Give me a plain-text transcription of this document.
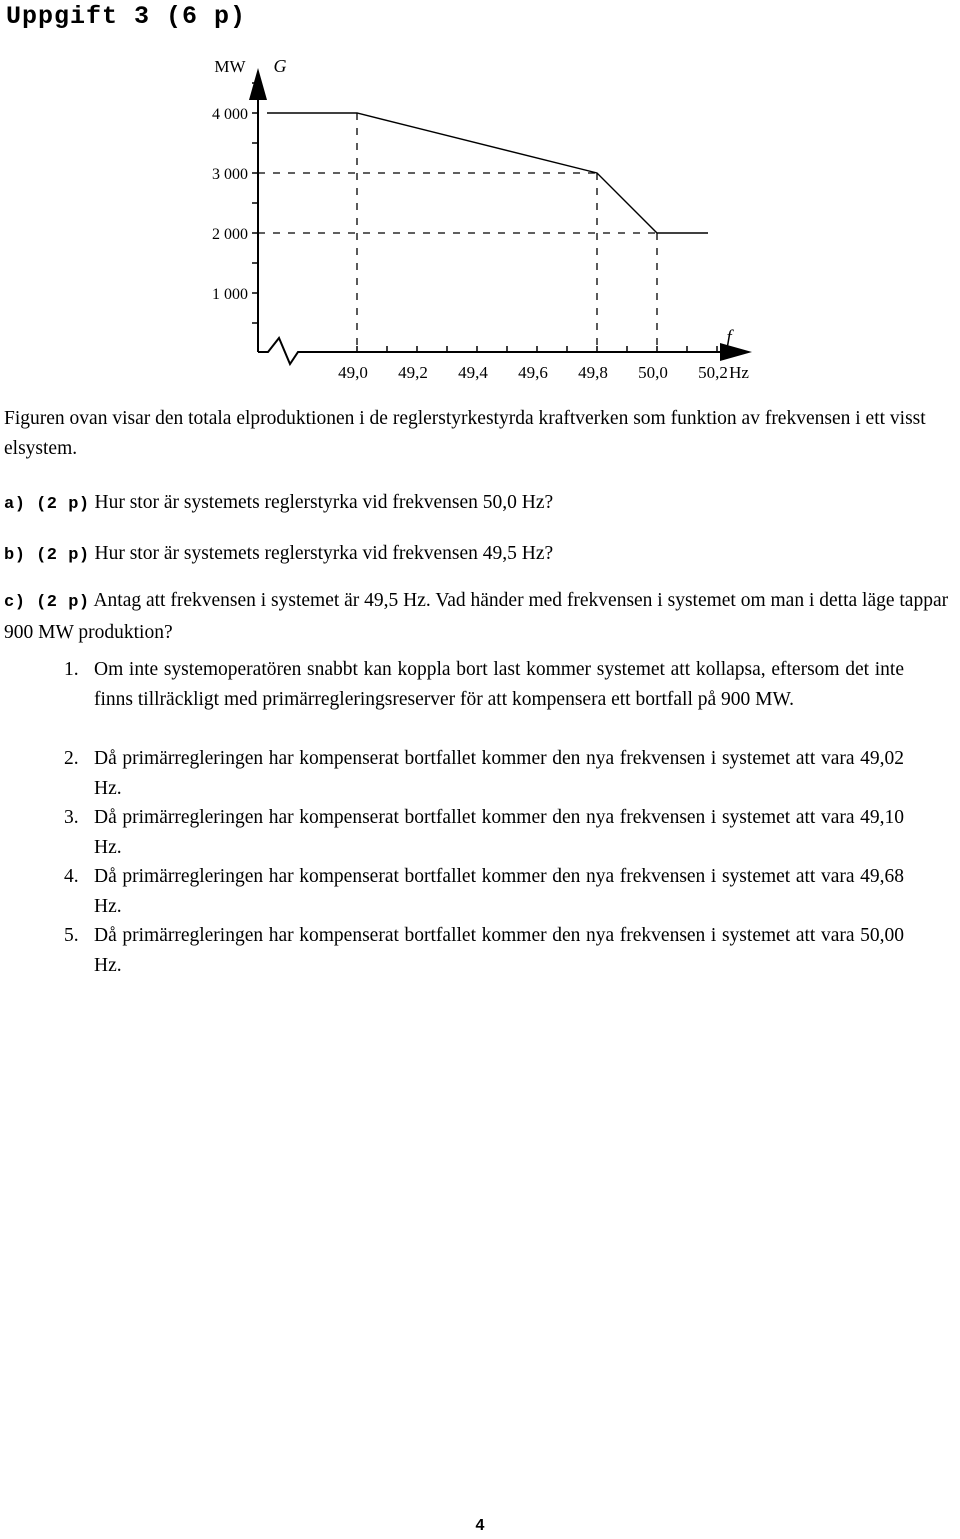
Uppgift 3 (6 p)
1 000
2 000
3 000
4 000
49,0 49,2 49,4 49,6 49,8 50,0 50,2
MW G
f
Hz

Figuren ovan visar den totala elproduktionen i de reglerstyrkestyrda kraftverken som funktion av frekvensen i ett visst elsystem.

a) (2 p) Hur stor är systemets reglerstyrka vid frekvensen 50,0 Hz?

b) (2 p) Hur stor är systemets reglerstyrka vid frekvensen 49,5 Hz?

c) (2 p) Antag att frekvensen i systemet är 49,5 Hz. Vad händer med frekvensen i systemet om man i detta läge tappar 900 MW produktion?

1. Om inte systemoperatören snabbt kan koppla bort last kommer systemet att kollapsa, eftersom det inte finns tillräckligt med primärregleringsreserver för att kompensera ett bortfall på 900 MW.
2. Då primärregleringen har kompenserat bortfallet kommer den nya frekvensen i systemet att vara 49,02 Hz.
3. Då primärregleringen har kompenserat bortfallet kommer den nya frekvensen i systemet att vara 49,10 Hz.
4. Då primärregleringen har kompenserat bortfallet kommer den nya frekvensen i systemet att vara 49,68 Hz.
5. Då primärregleringen har kompenserat bortfallet kommer den nya frekvensen i systemet att vara 50,00 Hz.
4
